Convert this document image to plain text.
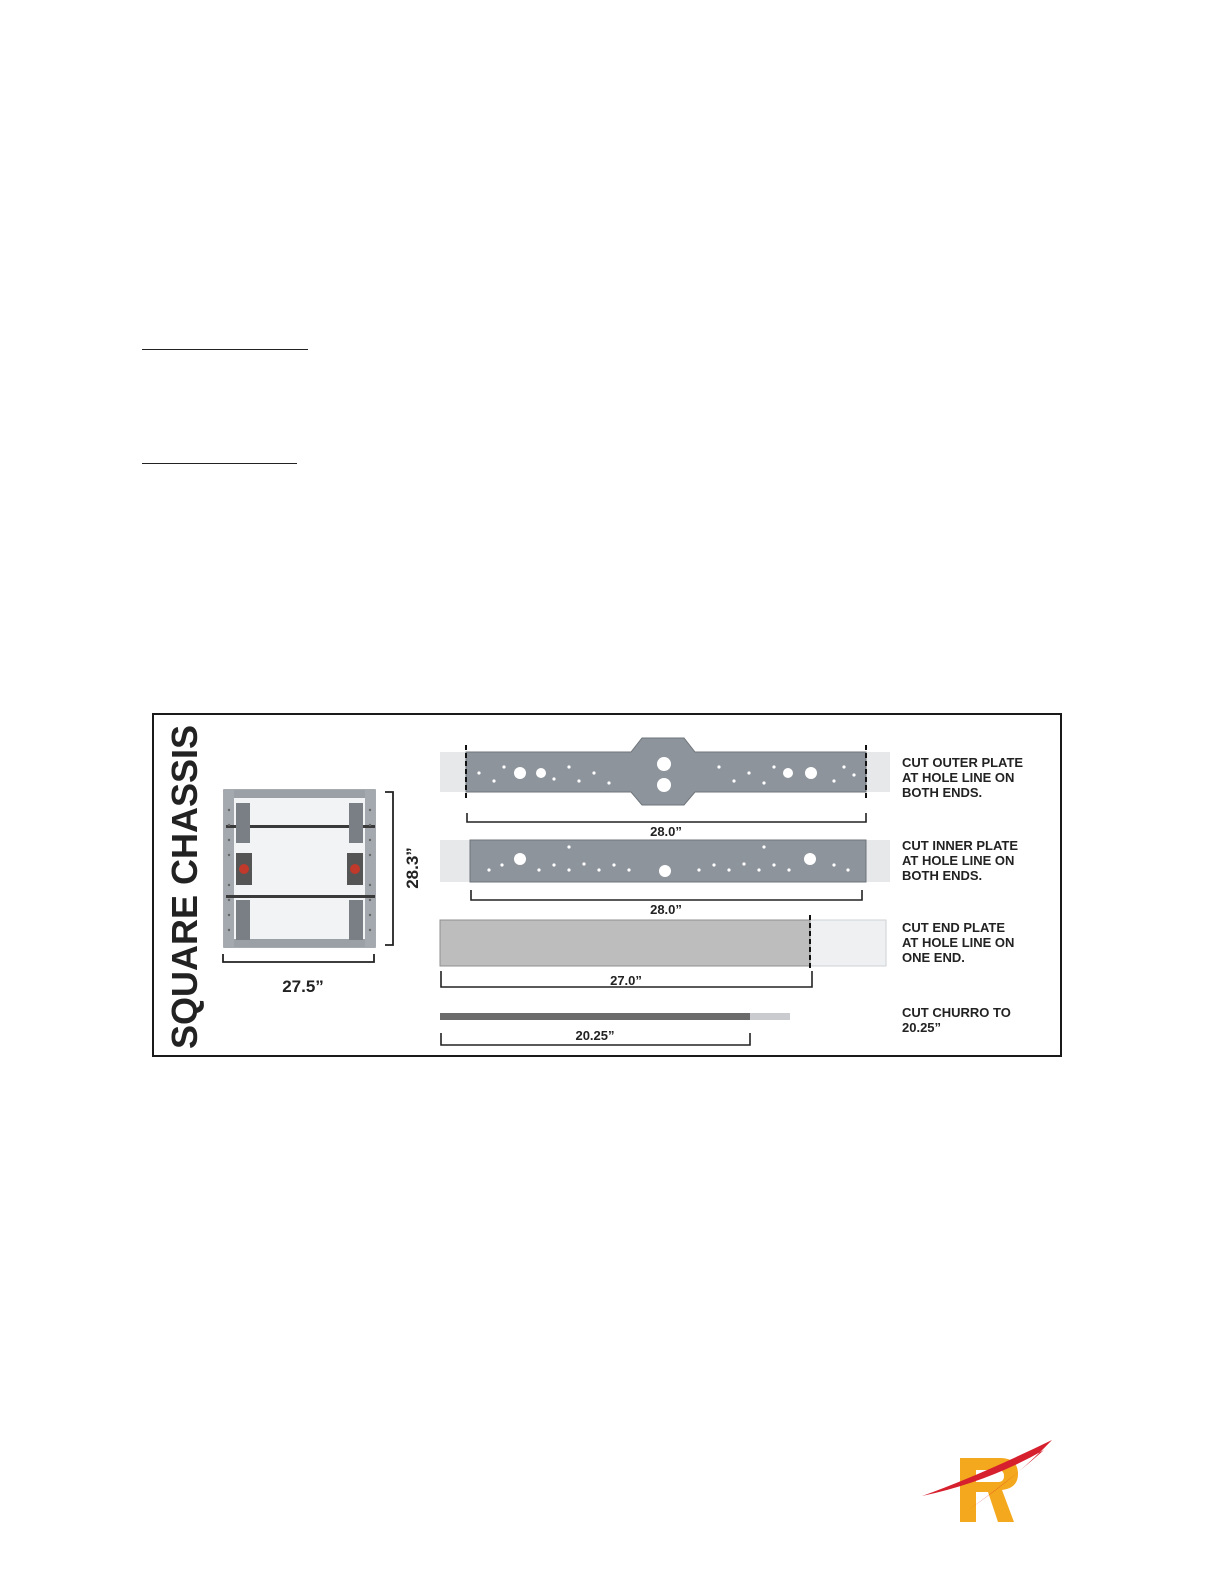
SQUARE CHASSIS	28.3”
27.5”
28.0”
28.0”
27.0”
20.25”
CUT OUTER PLATE
AT HOLE LINE ON
BOTH ENDS.
CUT INNER PLATE
AT HOLE LINE ON
BOTH ENDS.
CUT END PLATE
AT HOLE LINE ON
ONE END.
CUT CHURRO TO
20.25”
